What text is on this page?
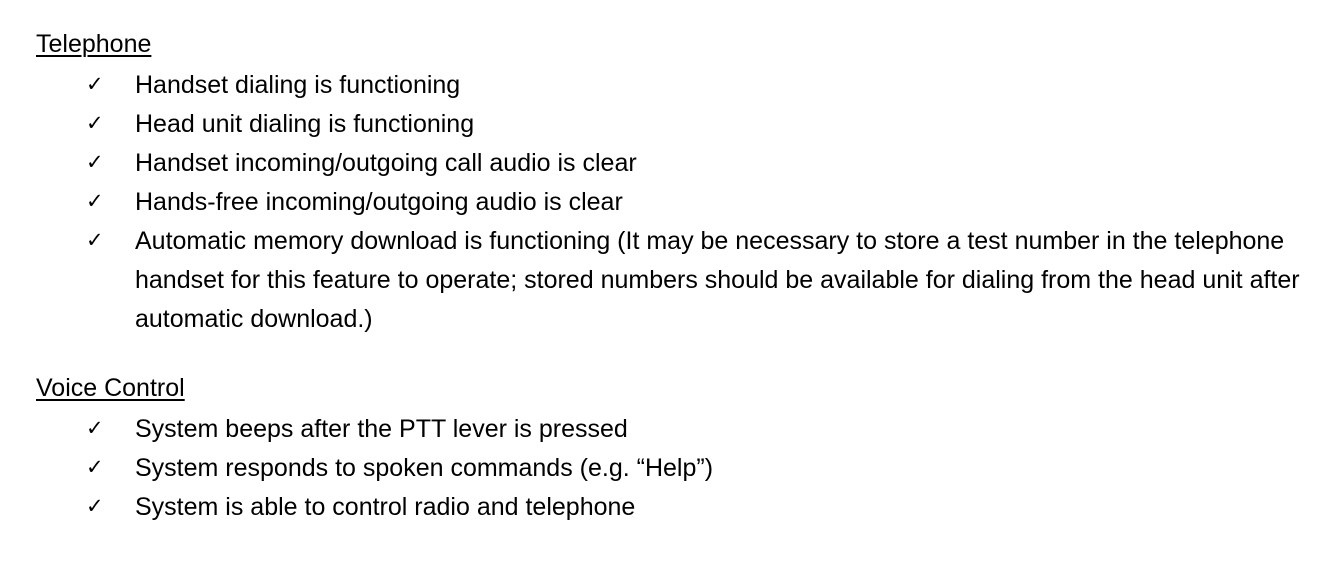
Telephone
✓ Handset dialing is functioning
✓ Head unit dialing is functioning
✓ Handset incoming/outgoing call audio is clear
✓ Hands-free incoming/outgoing audio is clear
✓ Automatic memory download is functioning (It may be necessary to store a test number in the telephone handset for this feature to operate; stored numbers should be available for dialing from the head unit after automatic download.)
Voice Control
✓ System beeps after the PTT lever is pressed
✓ System responds to spoken commands (e.g. “Help”)
✓ System is able to control radio and telephone
